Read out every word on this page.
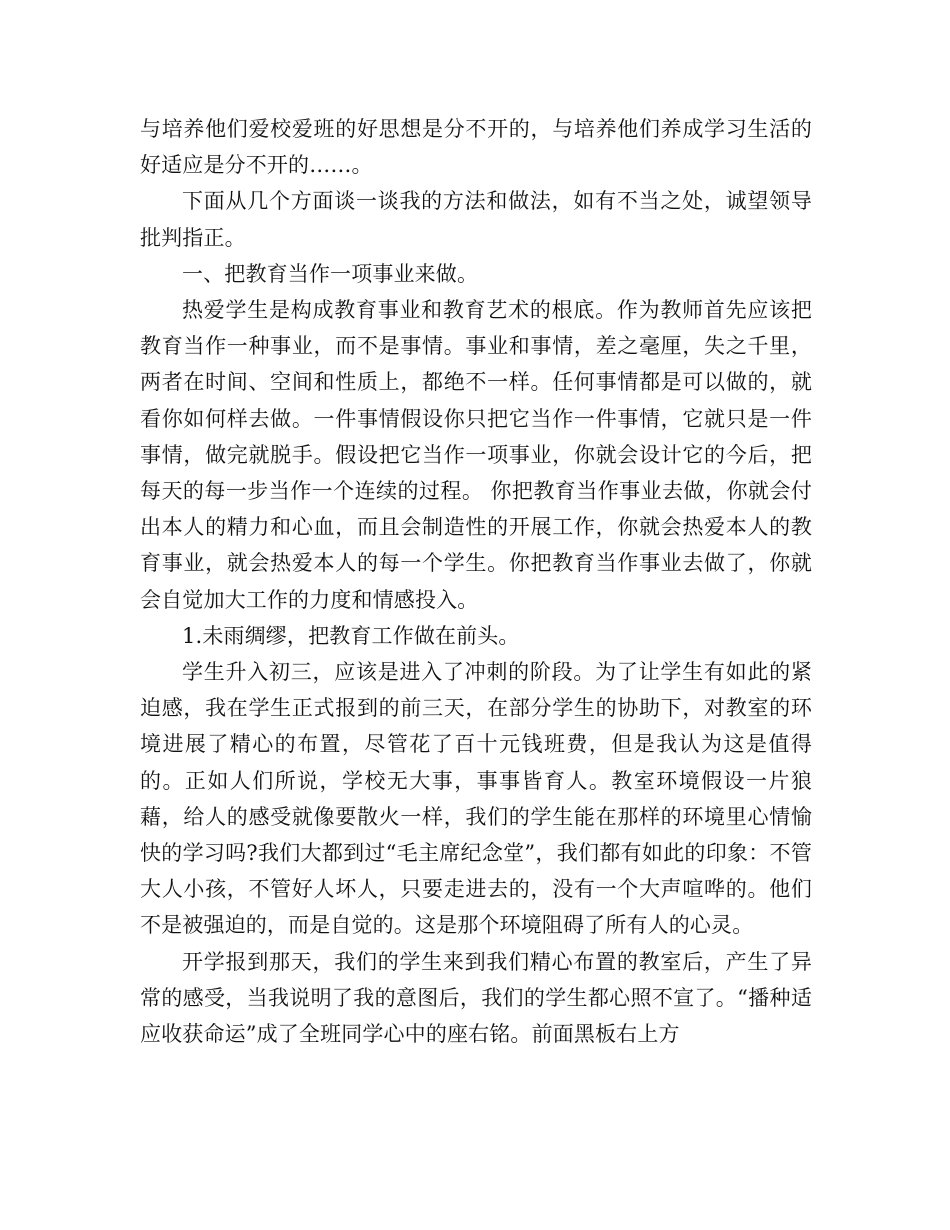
与培养他们爱校爱班的好思想是分不开的，与培养他们养成学习生活的好适应是分不开的……。

下面从几个方面谈一谈我的方法和做法，如有不当之处，诚望领导批判指正。

一、把教育当作一项事业来做。

热爱学生是构成教育事业和教育艺术的根底。作为教师首先应该把教育当作一种事业，而不是事情。事业和事情，差之毫厘，失之千里，两者在时间、空间和性质上，都绝不一样。任何事情都是可以做的，就看你如何样去做。一件事情假设你只把它当作一件事情，它就只是一件事情，做完就脱手。假设把它当作一项事业，你就会设计它的今后，把每天的每一步当作一个连续的过程。 你把教育当作事业去做，你就会付出本人的精力和心血，而且会制造性的开展工作，你就会热爱本人的教育事业，就会热爱本人的每一个学生。你把教育当作事业去做了，你就会自觉加大工作的力度和情感投入。

1.未雨绸缪，把教育工作做在前头。

学生升入初三，应该是进入了冲刺的阶段。为了让学生有如此的紧迫感，我在学生正式报到的前三天，在部分学生的协助下，对教室的环境进展了精心的布置，尽管花了百十元钱班费，但是我认为这是值得的。正如人们所说，学校无大事，事事皆育人。教室环境假设一片狼藉，给人的感受就像要散火一样，我们的学生能在那样的环境里心情愉快的学习吗?我们大都到过“毛主席纪念堂”，我们都有如此的印象：不管大人小孩，不管好人坏人，只要走进去的，没有一个大声喧哗的。他们不是被强迫的，而是自觉的。这是那个环境阻碍了所有人的心灵。

开学报到那天，我们的学生来到我们精心布置的教室后，产生了异常的感受，当我说明了我的意图后，我们的学生都心照不宣了。“播种适应收获命运”成了全班同学心中的座右铭。前面黑板右上方
